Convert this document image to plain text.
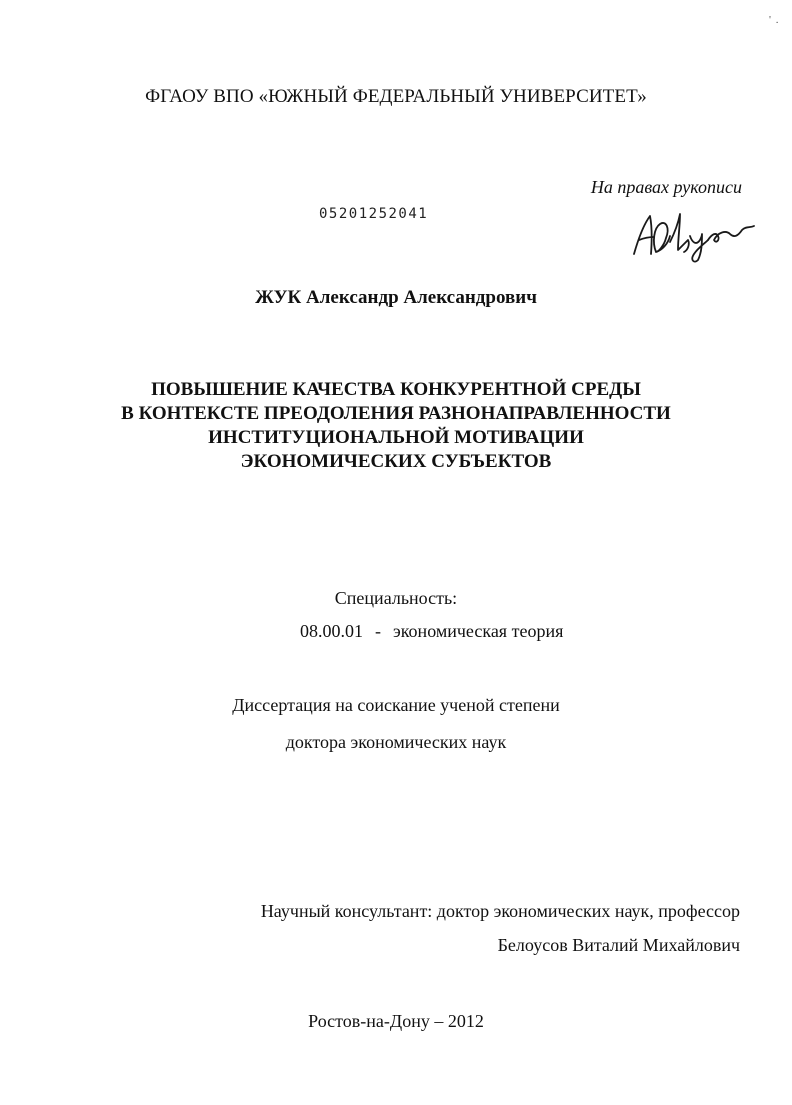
' .
ФГАОУ ВПО «ЮЖНЫЙ ФЕДЕРАЛЬНЫЙ УНИВЕРСИТЕТ»
На правах рукописи
05201252041
ЖУК Александр Александрович
ПОВЫШЕНИЕ КАЧЕСТВА КОНКУРЕНТНОЙ СРЕДЫ
В КОНТЕКСТЕ ПРЕОДОЛЕНИЯ РАЗНОНАПРАВЛЕННОСТИ
ИНСТИТУЦИОНАЛЬНОЙ МОТИВАЦИИ
ЭКОНОМИЧЕСКИХ СУБЪЕКТОВ
Специальность:
08.00.01 - экономическая теория
Диссертация на соискание ученой степени
доктора экономических наук
Научный консультант: доктор экономических наук, профессор
Белоусов Виталий Михайлович
Ростов-на-Дону – 2012
